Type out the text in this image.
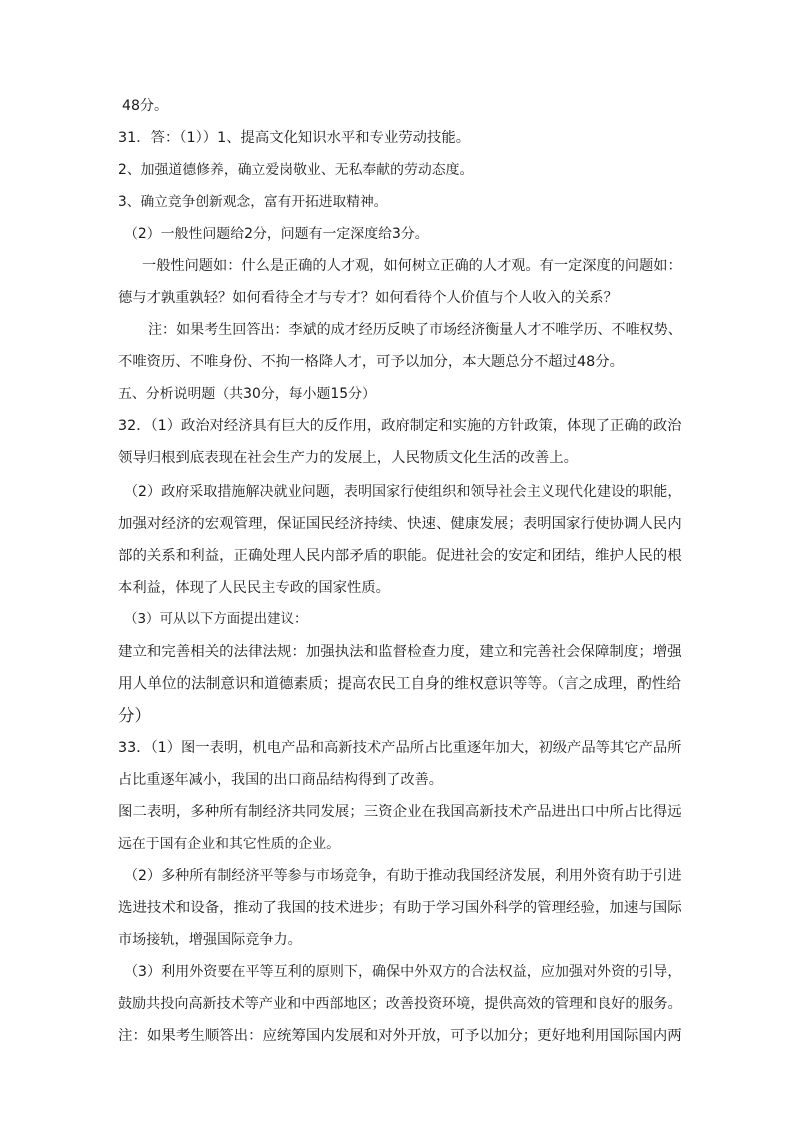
48分。
31．答：（1））1、提高文化知识水平和专业劳动技能。
2、加强道德修养，确立爱岗敬业、无私奉献的劳动态度。
3、确立竞争创新观念，富有开拓进取精神。
（2）一般性问题给2分，问题有一定深度给3分。
一般性问题如：什么是正确的人才观，如何树立正确的人才观。有一定深度的问题如：
德与才孰重孰轻？如何看待全才与专才？如何看待个人价值与个人收入的关系？
注：如果考生回答出：李斌的成才经历反映了市场经济衡量人才不唯学历、不唯权势、
不唯资历、不唯身份、不拘一格降人才，可予以加分，本大题总分不超过48分。
五、分析说明题（共30分，每小题15分）
32．（1）政治对经济具有巨大的反作用，政府制定和实施的方针政策，体现了正确的政治
领导归根到底表现在社会生产力的发展上，人民物质文化生活的改善上。
（2）政府采取措施解决就业问题，表明国家行使组织和领导社会主义现代化建设的职能，
加强对经济的宏观管理，保证国民经济持续、快速、健康发展；表明国家行使协调人民内
部的关系和利益，正确处理人民内部矛盾的职能。促进社会的安定和团结，维护人民的根
本利益，体现了人民民主专政的国家性质。
（3）可从以下方面提出建议：
建立和完善相关的法律法规：加强执法和监督检查力度，建立和完善社会保障制度；增强
用人单位的法制意识和道德素质；提高农民工自身的维权意识等等。（言之成理，酌性给
分）
33．（1）图一表明，机电产品和高新技术产品所占比重逐年加大，初级产品等其它产品所
占比重逐年减小，我国的出口商品结构得到了改善。
图二表明，多种所有制经济共同发展；三资企业在我国高新技术产品进出口中所占比得远
远在于国有企业和其它性质的企业。
（2）多种所有制经济平等参与市场竞争，有助于推动我国经济发展，利用外资有助于引进
选进技术和设备，推动了我国的技术进步；有助于学习国外科学的管理经验，加速与国际
市场接轨，增强国际竞争力。
（3）利用外资要在平等互利的原则下，确保中外双方的合法权益，应加强对外资的引导，
鼓励共投向高新技术等产业和中西部地区；改善投资环境，提供高效的管理和良好的服务。
注：如果考生顺答出：应统筹国内发展和对外开放，可予以加分；更好地利用国际国内两
